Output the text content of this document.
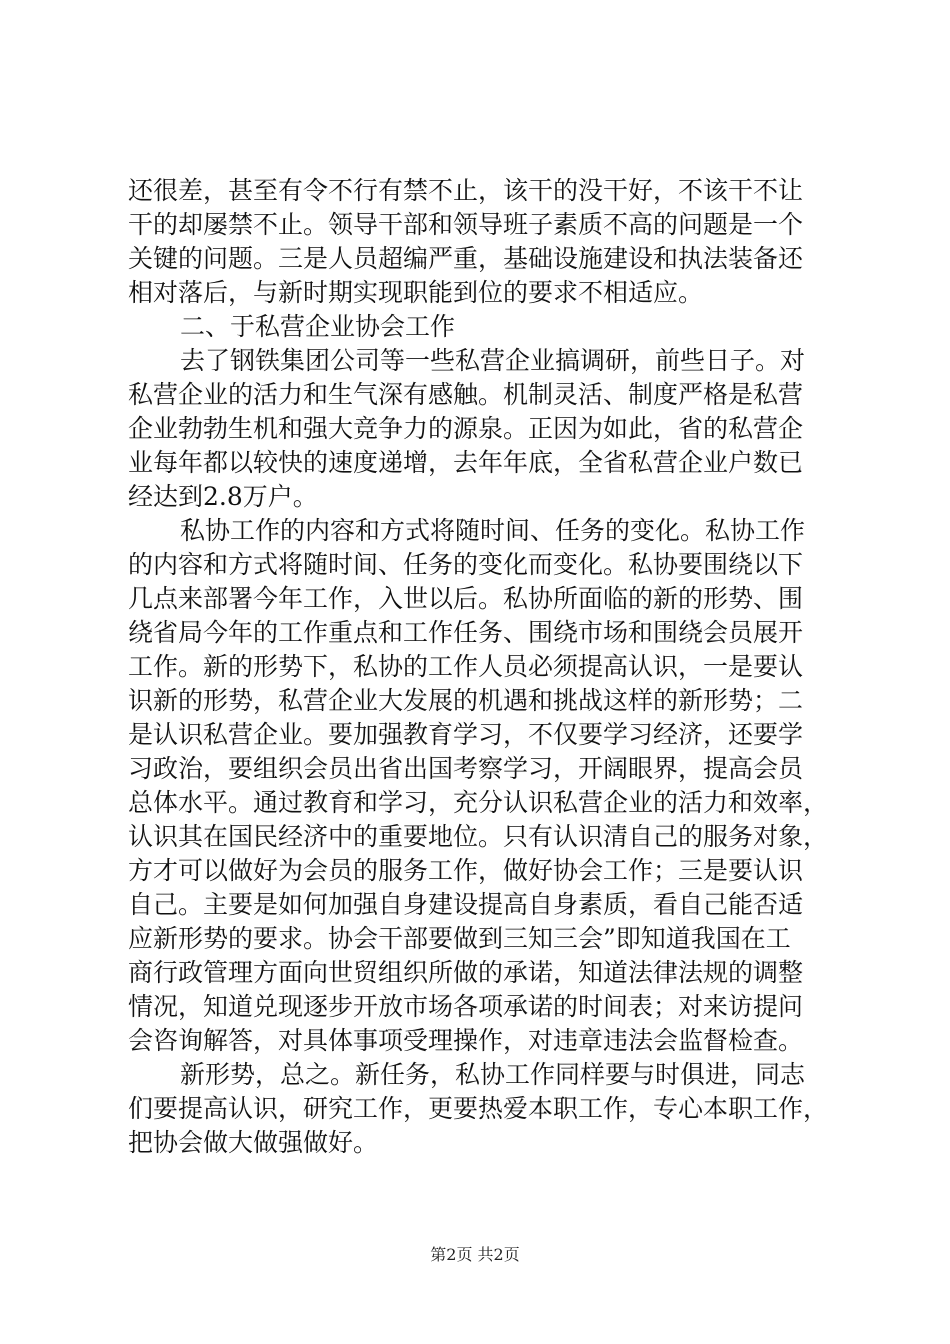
还很差，甚至有令不行有禁不止，该干的没干好，不该干不让
干的却屡禁不止。领导干部和领导班子素质不高的问题是一个
关键的问题。三是人员超编严重，基础设施建设和执法装备还
相对落后，与新时期实现职能到位的要求不相适应。
二、于私营企业协会工作
去了钢铁集团公司等一些私营企业搞调研，前些日子。对
私营企业的活力和生气深有感触。机制灵活、制度严格是私营
企业勃勃生机和强大竞争力的源泉。正因为如此，省的私营企
业每年都以较快的速度递增，去年年底，全省私营企业户数已
经达到2.8万户。
私协工作的内容和方式将随时间、任务的变化。私协工作
的内容和方式将随时间、任务的变化而变化。私协要围绕以下
几点来部署今年工作，入世以后。私协所面临的新的形势、围
绕省局今年的工作重点和工作任务、围绕市场和围绕会员展开
工作。新的形势下，私协的工作人员必须提高认识，一是要认
识新的形势，私营企业大发展的机遇和挑战这样的新形势；二
是认识私营企业。要加强教育学习，不仅要学习经济，还要学
习政治，要组织会员出省出国考察学习，开阔眼界，提高会员
总体水平。通过教育和学习，充分认识私营企业的活力和效率，
认识其在国民经济中的重要地位。只有认识清自己的服务对象，
方才可以做好为会员的服务工作，做好协会工作；三是要认识
自己。主要是如何加强自身建设提高自身素质，看自己能否适
应新形势的要求。协会干部要做到三知三会”即知道我国在工
商行政管理方面向世贸组织所做的承诺，知道法律法规的调整
情况，知道兑现逐步开放市场各项承诺的时间表；对来访提问
会咨询解答，对具体事项受理操作，对违章违法会监督检查。
新形势，总之。新任务，私协工作同样要与时俱进，同志
们要提高认识，研究工作，更要热爱本职工作，专心本职工作，
把协会做大做强做好。
第2页 共2页
